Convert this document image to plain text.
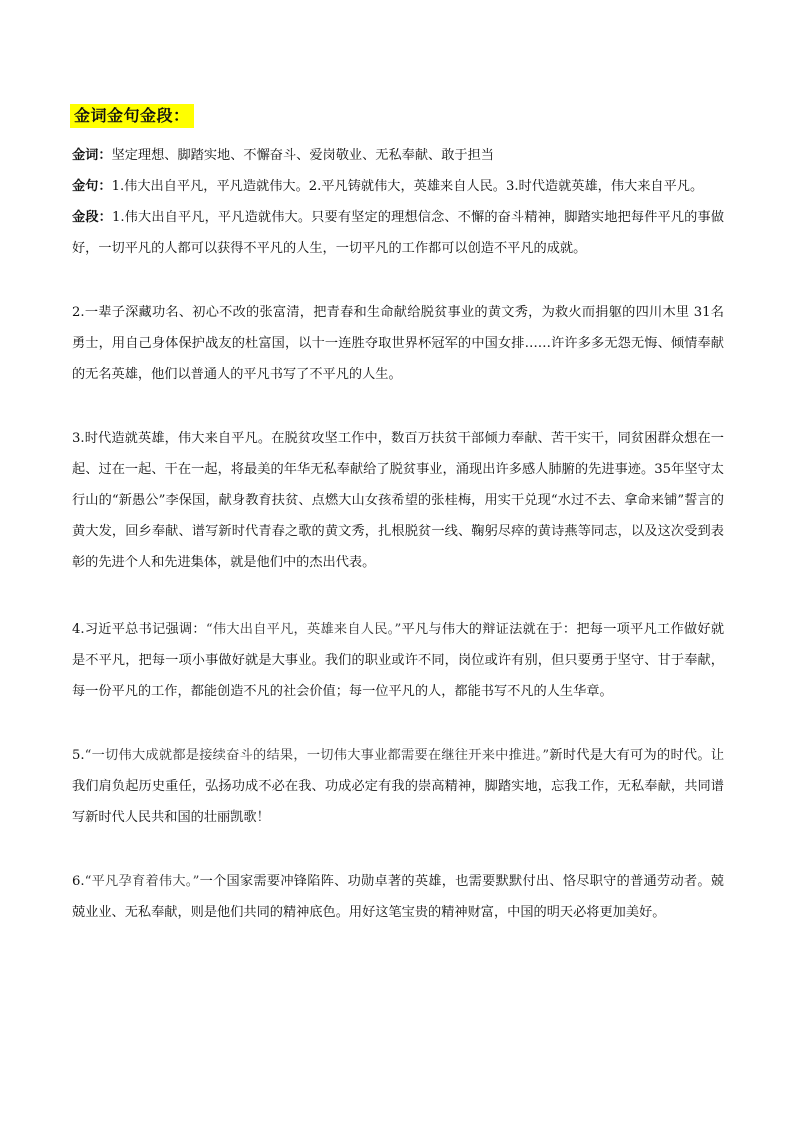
金词金句金段：
金词：坚定理想、脚踏实地、不懈奋斗、爱岗敬业、无私奉献、敢于担当
金句：1.伟大出自平凡，平凡造就伟大。2.平凡铸就伟大，英雄来自人民。3.时代造就英雄，伟大来自平凡。
金段：1.伟大出自平凡，平凡造就伟大。只要有坚定的理想信念、不懈的奋斗精神，脚踏实地把每件平凡的事做好，一切平凡的人都可以获得不平凡的人生，一切平凡的工作都可以创造不平凡的成就。
2.一辈子深藏功名、初心不改的张富清，把青春和生命献给脱贫事业的黄文秀，为救火而捐躯的四川木里 31名勇士，用自己身体保护战友的杜富国，以十一连胜夺取世界杯冠军的中国女排……许许多多无怨无悔、倾情奉献的无名英雄，他们以普通人的平凡书写了不平凡的人生。
3.时代造就英雄，伟大来自平凡。在脱贫攻坚工作中，数百万扶贫干部倾力奉献、苦干实干，同贫困群众想在一起、过在一起、干在一起，将最美的年华无私奉献给了脱贫事业，涌现出许多感人肺腑的先进事迹。35年坚守太行山的“新愚公”李保国，献身教育扶贫、点燃大山女孩希望的张桂梅，用实干兑现“水过不去、拿命来铺”誓言的黄大发，回乡奉献、谱写新时代青春之歌的黄文秀，扎根脱贫一线、鞠躬尽瘁的黄诗燕等同志，以及这次受到表彰的先进个人和先进集体，就是他们中的杰出代表。
4.习近平总书记强调：“伟大出自平凡，英雄来自人民。”平凡与伟大的辩证法就在于：把每一项平凡工作做好就是不平凡，把每一项小事做好就是大事业。我们的职业或许不同，岗位或许有别，但只要勇于坚守、甘于奉献，每一份平凡的工作，都能创造不凡的社会价值；每一位平凡的人，都能书写不凡的人生华章。
5.“一切伟大成就都是接续奋斗的结果，一切伟大事业都需要在继往开来中推进。”新时代是大有可为的时代。让我们肩负起历史重任，弘扬功成不必在我、功成必定有我的崇高精神，脚踏实地，忘我工作，无私奉献，共同谱写新时代人民共和国的壮丽凯歌！
6.“平凡孕育着伟大。”一个国家需要冲锋陷阵、功勋卓著的英雄，也需要默默付出、恪尽职守的普通劳动者。兢兢业业、无私奉献，则是他们共同的精神底色。用好这笔宝贵的精神财富，中国的明天必将更加美好。
